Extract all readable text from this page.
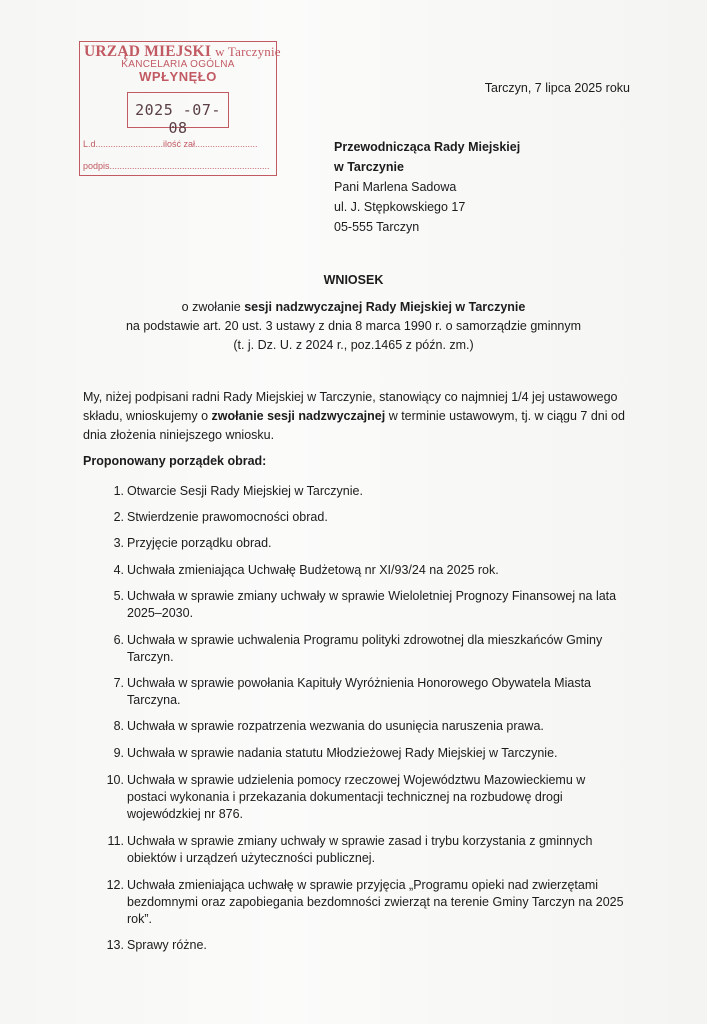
URZĄD MIEJSKI w Tarczynie
KANCELARIA OGÓLNA
WPŁYNĘŁO
2025 -07- 08
L.d...........................ilość zał.........................
podpis................................................................
Tarczyn, 7 lipca 2025 roku
Przewodnicząca Rady Miejskiej
w Tarczynie
Pani Marlena Sadowa
ul. J. Stępkowskiego 17
05-555 Tarczyn
WNIOSEK
o zwołanie sesji nadzwyczajnej Rady Miejskiej w Tarczynie
na podstawie art. 20 ust. 3 ustawy z dnia 8 marca 1990 r. o samorządzie gminnym
(t. j. Dz. U. z 2024 r., poz.1465 z późn. zm.)
My, niżej podpisani radni Rady Miejskiej w Tarczynie, stanowiący co najmniej 1/4 jej ustawowego składu, wnioskujemy o zwołanie sesji nadzwyczajnej w terminie ustawowym, tj. w ciągu 7 dni od dnia złożenia niniejszego wniosku.
Proponowany porządek obrad:
1. Otwarcie Sesji Rady Miejskiej w Tarczynie.
2. Stwierdzenie prawomocności obrad.
3. Przyjęcie porządku obrad.
4. Uchwała zmieniająca Uchwałę Budżetową nr XI/93/24 na 2025 rok.
5. Uchwała w sprawie zmiany uchwały w sprawie Wieloletniej Prognozy Finansowej na lata 2025–2030.
6. Uchwała w sprawie uchwalenia Programu polityki zdrowotnej dla mieszkańców Gminy Tarczyn.
7. Uchwała w sprawie powołania Kapituły Wyróżnienia Honorowego Obywatela Miasta Tarczyna.
8. Uchwała w sprawie rozpatrzenia wezwania do usunięcia naruszenia prawa.
9. Uchwała w sprawie nadania statutu Młodzieżowej Rady Miejskiej w Tarczynie.
10. Uchwała w sprawie udzielenia pomocy rzeczowej Województwu Mazowieckiemu w postaci wykonania i przekazania dokumentacji technicznej na rozbudowę drogi wojewódzkiej nr 876.
11. Uchwała w sprawie zmiany uchwały w sprawie zasad i trybu korzystania z gminnych obiektów i urządzeń użyteczności publicznej.
12. Uchwała zmieniająca uchwałę w sprawie przyjęcia „Programu opieki nad zwierzętami bezdomnymi oraz zapobiegania bezdomności zwierząt na terenie Gminy Tarczyn na 2025 rok”.
13. Sprawy różne.
